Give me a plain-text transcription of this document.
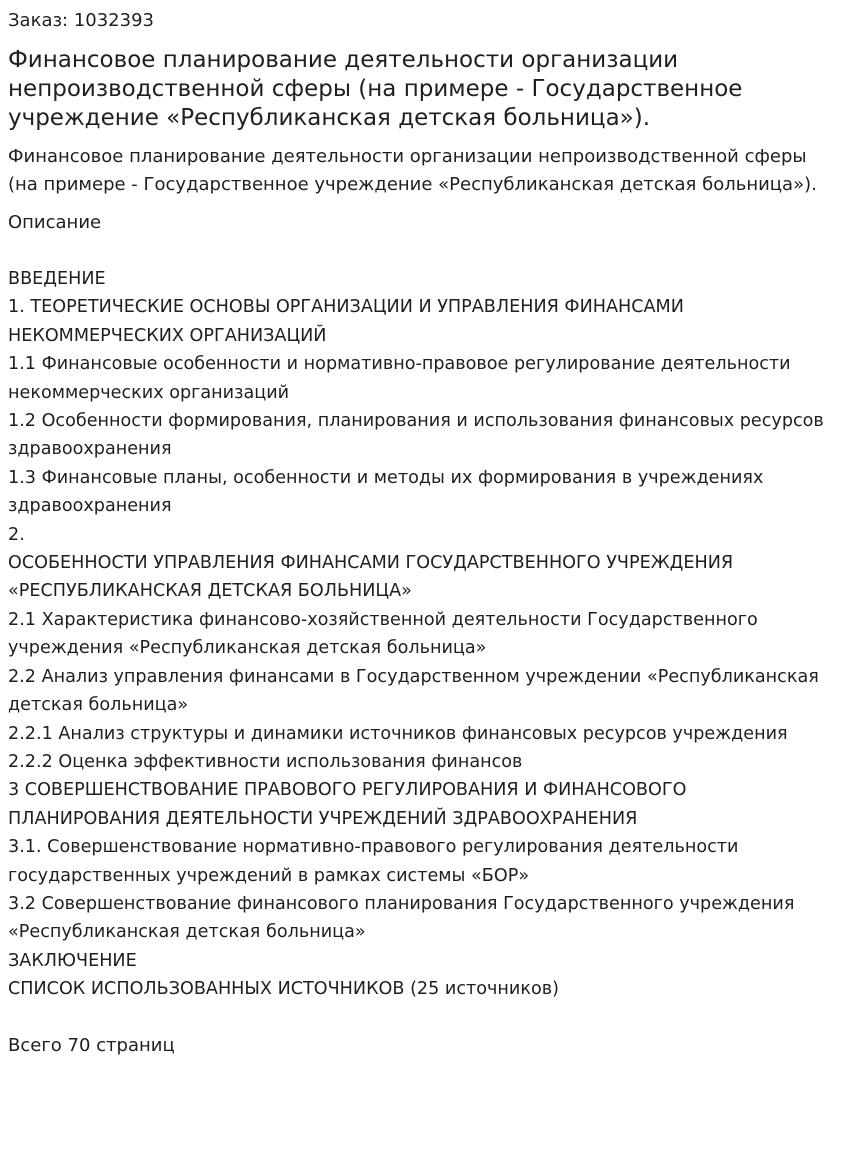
Заказ: 1032393
Финансовое планирование деятельности организации непроизводственной сферы (на примере - Государственное учреждение «Республиканская детская больница»).
Финансовое планирование деятельности организации непроизводственной сферы (на примере - Государственное учреждение «Республиканская детская больница»).
Описание
ВВЕДЕНИЕ
1. ТЕОРЕТИЧЕСКИЕ ОСНОВЫ ОРГАНИЗАЦИИ И УПРАВЛЕНИЯ ФИНАНСАМИ НЕКОММЕРЧЕСКИХ ОРГАНИЗАЦИЙ
1.1 Финансовые особенности и нормативно-правовое регулирование деятельности некоммерческих организаций
1.2 Особенности формирования, планирования и использования финансовых ресурсов здравоохранения
1.3 Финансовые планы, особенности и методы их формирования в учреждениях здравоохранения
2.
ОСОБЕННОСТИ УПРАВЛЕНИЯ ФИНАНСАМИ ГОСУДАРСТВЕННОГО УЧРЕЖДЕНИЯ «РЕСПУБЛИКАНСКАЯ ДЕТСКАЯ БОЛЬНИЦА»
2.1 Характеристика финансово-хозяйственной деятельности Государственного учреждения «Республиканская детская больница»
2.2 Анализ управления финансами в Государственном учреждении «Республиканская детская больница»
2.2.1 Анализ структуры и динамики источников финансовых ресурсов учреждения
2.2.2 Оценка эффективности использования финансов
3 СОВЕРШЕНСТВОВАНИЕ ПРАВОВОГО РЕГУЛИРОВАНИЯ И ФИНАНСОВОГО ПЛАНИРОВАНИЯ ДЕЯТЕЛЬНОСТИ УЧРЕЖДЕНИЙ ЗДРАВООХРАНЕНИЯ
3.1. Совершенствование нормативно-правового регулирования деятельности государственных учреждений в рамках системы «БОР»
3.2 Совершенствование финансового планирования Государственного учреждения «Республиканская детская больница»
ЗАКЛЮЧЕНИЕ
СПИСОК ИСПОЛЬЗОВАННЫХ ИСТОЧНИКОВ (25 источников)
Всего 70 страниц
